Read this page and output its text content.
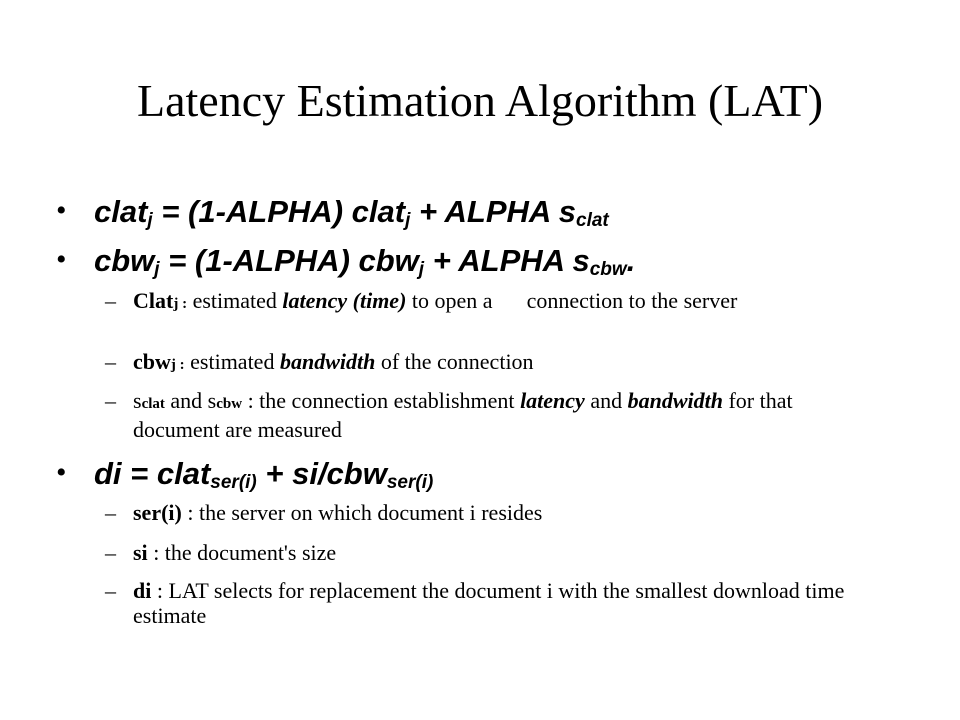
Latency Estimation Algorithm (LAT)
• clat$_j$ = (1-ALPHA) clat$_j$ + ALPHA $s_{clat}$
• cbw$_j$ = (1-ALPHA) cbw$_j$ + ALPHA $s_{cbw}$.
– Clatj : estimated latency (time) to open a connection to the server
– cbwj : estimated bandwidth of the connection
– sclat and scbw : the connection establishment latency and bandwidth for that document are measured
• di = clat$_{ser(i)}$ + si/cbw$_{ser(i)}$
– ser(i) : the server on which document i resides
– si : the document's size
– di : LAT selects for replacement the document i with the smallest download time estimate
